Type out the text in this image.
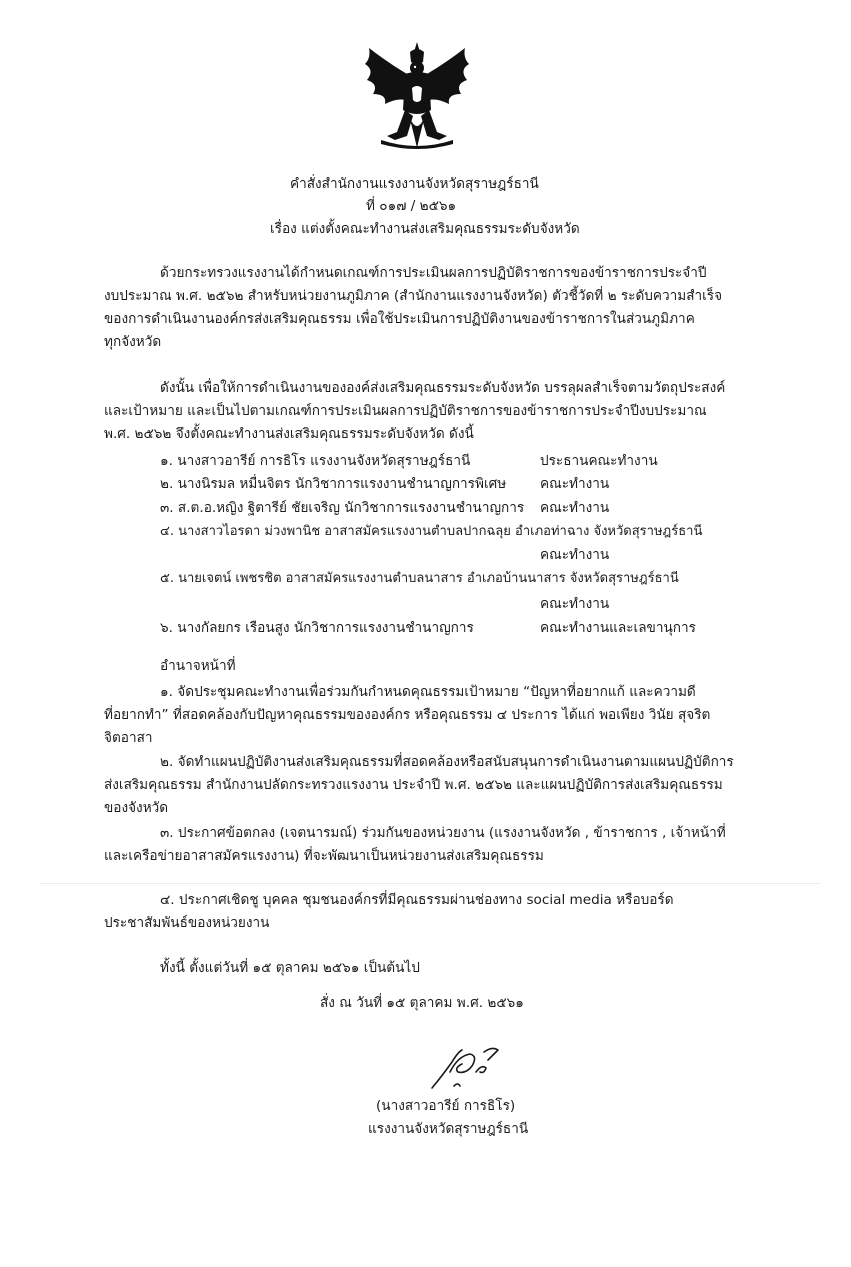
คำสั่งสำนักงานแรงงานจังหวัดสุราษฎร์ธานี
ที่ ๐๑๗ / ๒๕๖๑
เรื่อง แต่งตั้งคณะทำงานส่งเสริมคุณธรรมระดับจังหวัด
ด้วยกระทรวงแรงงานได้กำหนดเกณฑ์การประเมินผลการปฏิบัติราชการของข้าราชการประจำปี
งบประมาณ พ.ศ. ๒๕๖๒ สำหรับหน่วยงานภูมิภาค (สำนักงานแรงงานจังหวัด) ตัวชี้วัดที่ ๒ ระดับความสำเร็จ
ของการดำเนินงานองค์กรส่งเสริมคุณธรรม เพื่อใช้ประเมินการปฏิบัติงานของข้าราชการในส่วนภูมิภาค
ทุกจังหวัด
ดังนั้น เพื่อให้การดำเนินงานขององค์ส่งเสริมคุณธรรมระดับจังหวัด บรรลุผลสำเร็จตามวัตถุประสงค์
และเป้าหมาย และเป็นไปตามเกณฑ์การประเมินผลการปฏิบัติราชการของข้าราชการประจำปีงบประมาณ
พ.ศ. ๒๕๖๒ จึงตั้งคณะทำงานส่งเสริมคุณธรรมระดับจังหวัด ดังนี้
๑. นางสาวอารีย์ การธิโร แรงงานจังหวัดสุราษฎร์ธานี	ประธานคณะทำงาน
๒. นางนิรมล หมื่นจิตร นักวิชาการแรงงานชำนาญการพิเศษ คณะทำงาน
๓. ส.ต.อ.หญิง ฐิตารีย์ ชัยเจริญ นักวิชาการแรงงานชำนาญการ คณะทำงาน
๔. นางสาวไอรดา ม่วงพานิช อาสาสมัครแรงงานตำบลปากฉลุย อำเภอท่าฉาง จังหวัดสุราษฎร์ธานี
คณะทำงาน
๕. นายเจตน์ เพชรชิต อาสาสมัครแรงงานตำบลนาสาร อำเภอบ้านนาสาร จังหวัดสุราษฎร์ธานี
คณะทำงาน
๖. นางกัลยกร เรือนสูง นักวิชาการแรงงานชำนาญการ	คณะทำงานและเลขานุการ
อำนาจหน้าที่
๑. จัดประชุมคณะทำงานเพื่อร่วมกันกำหนดคุณธรรมเป้าหมาย “ปัญหาที่อยากแก้ และความดี
ที่อยากทำ” ที่สอดคล้องกับปัญหาคุณธรรมขององค์กร หรือคุณธรรม ๔ ประการ ได้แก่ พอเพียง วินัย สุจริต
จิตอาสา
๒. จัดทำแผนปฏิบัติงานส่งเสริมคุณธรรมที่สอดคล้องหรือสนับสนุนการดำเนินงานตามแผนปฏิบัติการ
ส่งเสริมคุณธรรม สำนักงานปลัดกระทรวงแรงงาน ประจำปี พ.ศ. ๒๕๖๒ และแผนปฏิบัติการส่งเสริมคุณธรรม
ของจังหวัด
๓. ประกาศข้อตกลง (เจตนารมณ์) ร่วมกันของหน่วยงาน (แรงงานจังหวัด , ข้าราชการ , เจ้าหน้าที่
และเครือข่ายอาสาสมัครแรงงาน) ที่จะพัฒนาเป็นหน่วยงานส่งเสริมคุณธรรม
๔. ประกาศเชิดชู บุคคล ชุมชนองค์กรที่มีคุณธรรมผ่านช่องทาง social media หรือบอร์ด
ประชาสัมพันธ์ของหน่วยงาน
ทั้งนี้ ตั้งแต่วันที่ ๑๕ ตุลาคม ๒๕๖๑ เป็นต้นไป
สั่ง ณ วันที่ ๑๕ ตุลาคม พ.ศ. ๒๕๖๑
(นางสาวอารีย์ การธิโร)
แรงงานจังหวัดสุราษฎร์ธานี
